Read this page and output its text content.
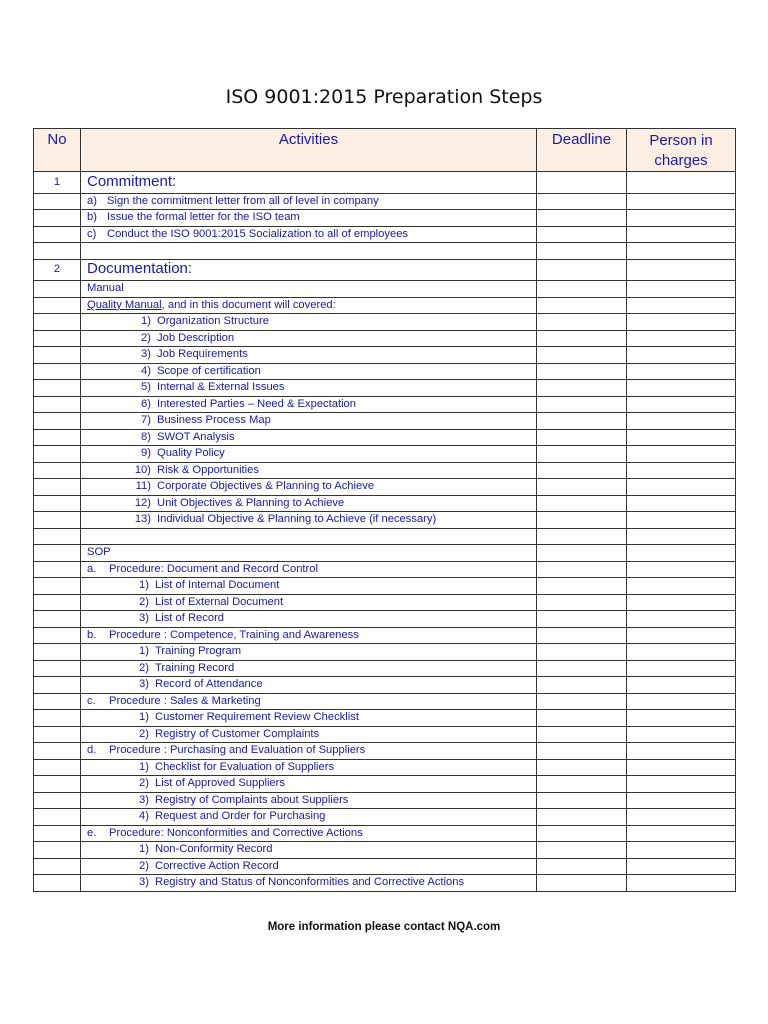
ISO 9001:2015 Preparation Steps
No	Activities	Deadline	Person in charges
1	Commitment:		
	a) Sign the commitment letter from all of level in company		
	b) Issue the formal letter for the ISO team		
	c) Conduct the ISO 9001:2015 Socialization to all of employees		

2	Documentation:		
	Manual		
	Quality Manual, and in this document will covered:		
	1) Organization Structure		
	2) Job Description		
	3) Job Requirements		
	4) Scope of certification		
	5) Internal & External Issues		
	6) Interested Parties – Need & Expectation		
	7) Business Process Map		
	8) SWOT Analysis		
	9) Quality Policy		
	10) Risk & Opportunities		
	11) Corporate Objectives & Planning to Achieve		
	12) Unit Objectives & Planning to Achieve		
	13) Individual Objective & Planning to Achieve (if necessary)		

	SOP		
	a. Procedure: Document and Record Control		
	1) List of Internal Document		
	2) List of External Document		
	3) List of Record		
	b. Procedure : Competence, Training and Awareness		
	1) Training Program		
	2) Training Record		
	3) Record of Attendance		
	c. Procedure : Sales & Marketing		
	1) Customer Requirement Review Checklist		
	2) Registry of Customer Complaints		
	d. Procedure : Purchasing and Evaluation of Suppliers		
	1) Checklist for Evaluation of Suppliers		
	2) List of Approved Suppliers		
	3) Registry of Complaints about Suppliers		
	4) Request and Order for Purchasing		
	e. Procedure: Nonconformities and Corrective Actions		
	1) Non-Conformity Record		
	2) Corrective Action Record		
	3) Registry and Status of Nonconformities and Corrective Actions		
More information please contact NQA.com
